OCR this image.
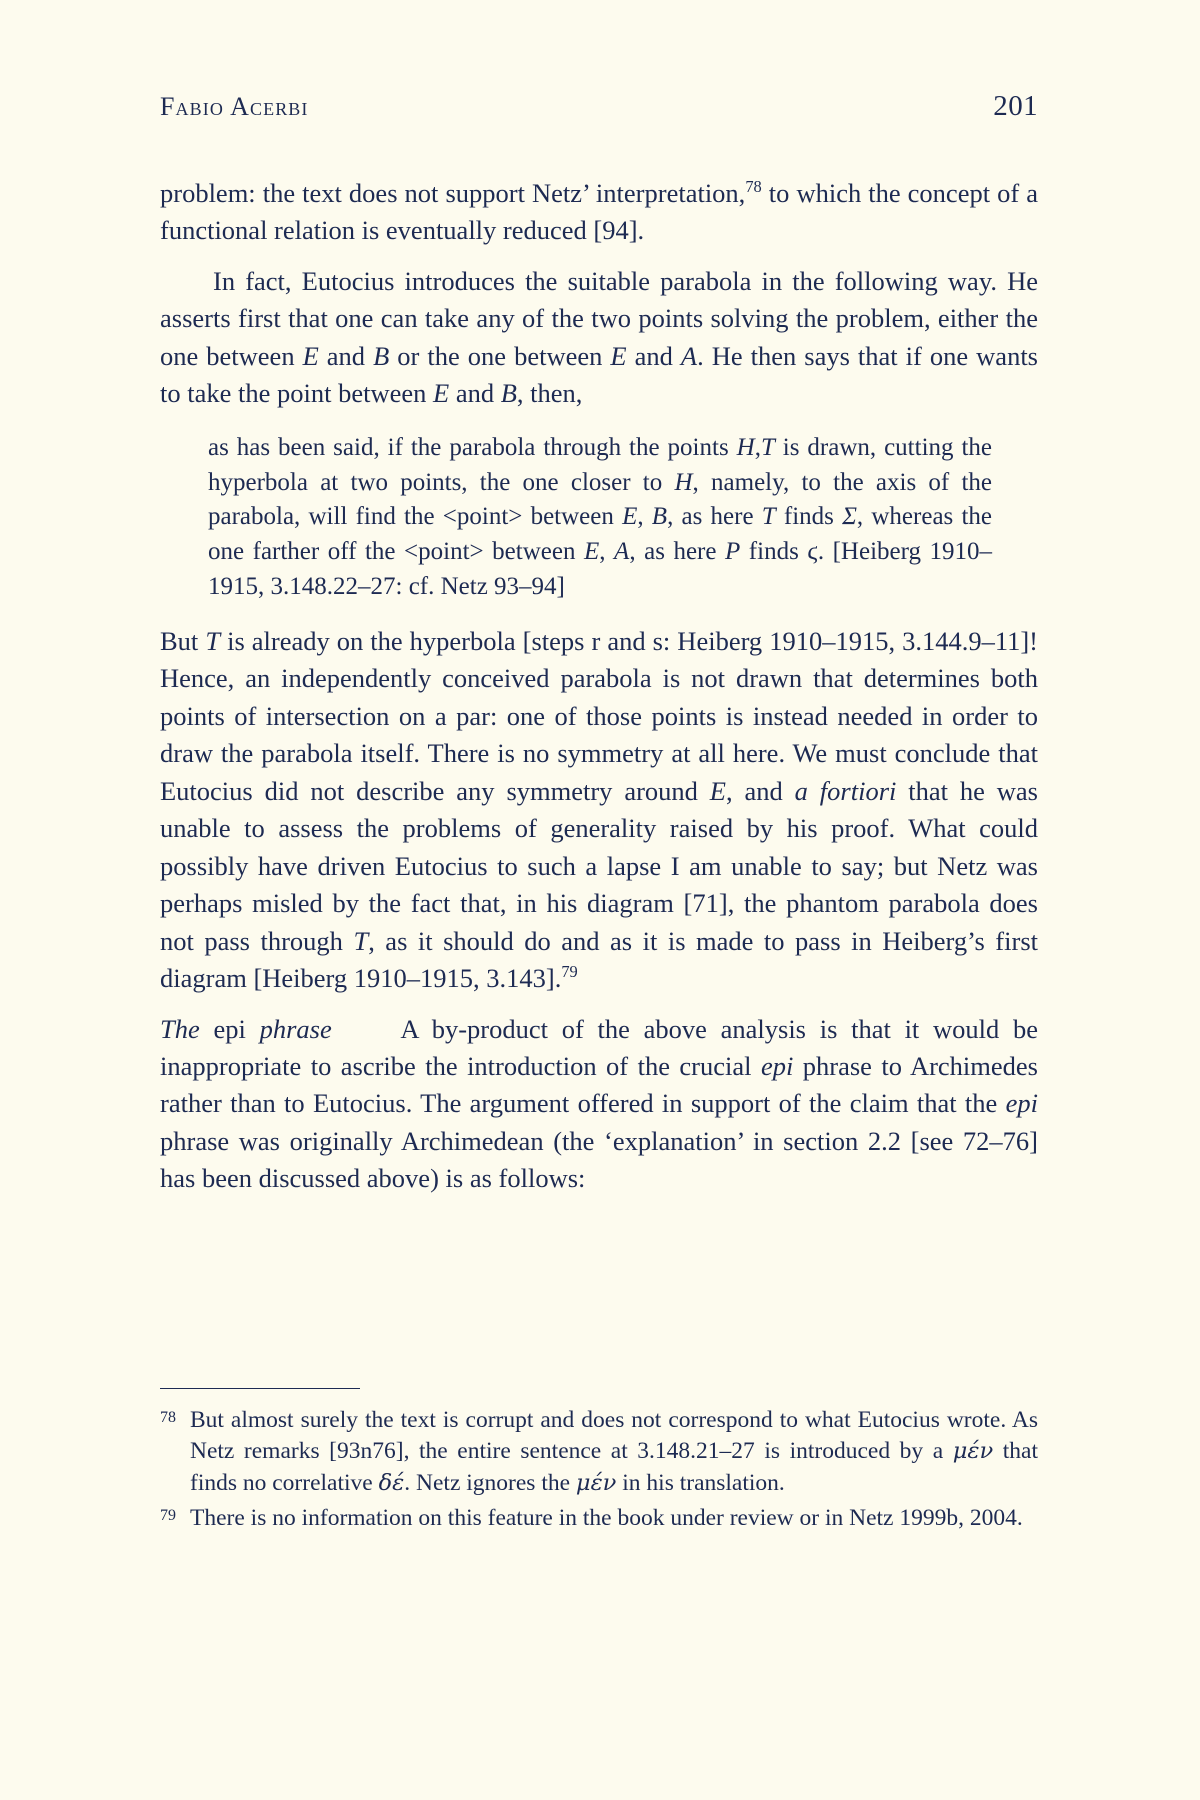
Fabio Acerbi	201

problem: the text does not support Netz’ interpretation,$^{78}$ to which the concept of a functional relation is eventually reduced [94].

In fact, Eutocius introduces the suitable parabola in the following way. He asserts first that one can take any of the two points solving the problem, either the one between E and B or the one between E and A. He then says that if one wants to take the point between E and B, then,

as has been said, if the parabola through the points H,T is drawn, cutting the hyperbola at two points, the one closer to H, namely, to the axis of the parabola, will find the <point> between E, B, as here T finds Σ, whereas the one farther off the <point> between E, A, as here P finds ϛ. [Heiberg 1910–1915, 3.148.22–27: cf. Netz 93–94]

But T is already on the hyperbola [steps r and s: Heiberg 1910–1915, 3.144.9–11]! Hence, an independently conceived parabola is not drawn that determines both points of intersection on a par: one of those points is instead needed in order to draw the parabola itself. There is no symmetry at all here. We must conclude that Eutocius did not describe any symmetry around E, and a fortiori that he was unable to assess the problems of generality raised by his proof. What could possibly have driven Eutocius to such a lapse I am unable to say; but Netz was perhaps misled by the fact that, in his diagram [71], the phantom parabola does not pass through T, as it should do and as it is made to pass in Heiberg’s first diagram [Heiberg 1910–1915, 3.143].$^{79}$

The epi phrase     A by-product of the above analysis is that it would be inappropriate to ascribe the introduction of the crucial epi phrase to Archimedes rather than to Eutocius. The argument offered in support of the claim that the epi phrase was originally Archimedean (the ‘explanation’ in section 2.2 [see 72–76] has been discussed above) is as follows:

78 But almost surely the text is corrupt and does not correspond to what Eutocius wrote. As Netz remarks [93n76], the entire sentence at 3.148.21–27 is introduced by a μέν that finds no correlative δέ. Netz ignores the μέν in his translation.
79 There is no information on this feature in the book under review or in Netz 1999b, 2004.
